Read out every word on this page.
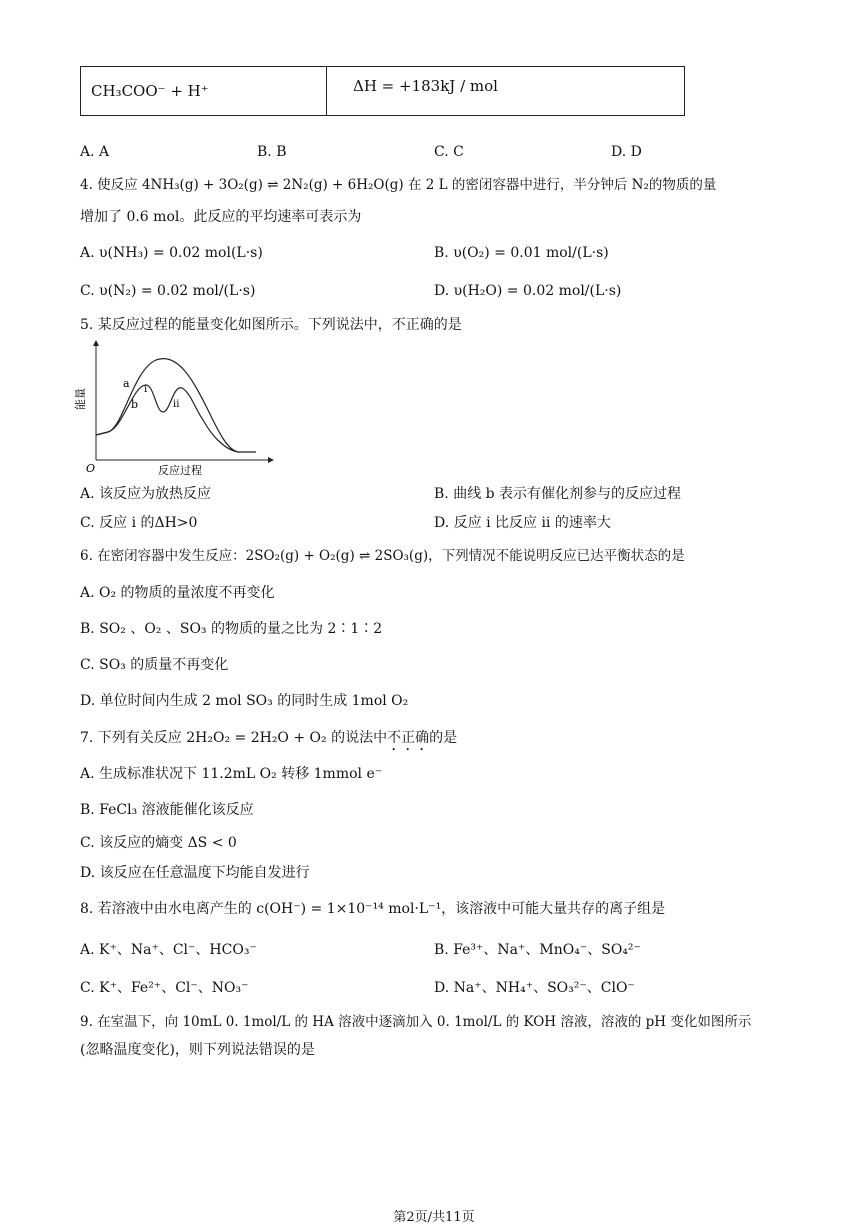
CH₃COO⁻ + H⁺	ΔH = +183kJ / mol
A. A	B. B	C. C	D. D
4. 使反应 4NH₃(g) + 3O₂(g) ⇌ 2N₂(g) + 6H₂O(g) 在 2 L 的密闭容器中进行，半分钟后 N₂的物质的量
增加了 0.6 mol。此反应的平均速率可表示为
A. υ(NH₃) = 0.02 mol(L·s)	B. υ(O₂) = 0.01 mol/(L·s)
C. υ(N₂) = 0.02 mol/(L·s)	D. υ(H₂O) = 0.02 mol/(L·s)
5. 某反应过程的能量变化如图所示。下列说法中，不正确的是
a
b
i
ii
O	反应过程
能量
A. 该反应为放热反应	B. 曲线 b 表示有催化剂参与的反应过程
C. 反应 i 的ΔH>0	D. 反应 i 比反应 ii 的速率大
6. 在密闭容器中发生反应：2SO₂(g) + O₂(g) ⇌ 2SO₃(g)，下列情况不能说明反应已达平衡状态的是
A. O₂ 的物质的量浓度不再变化
B. SO₂ 、O₂ 、SO₃ 的物质的量之比为 2∶1∶2
C. SO₃ 的质量不再变化
D. 单位时间内生成 2 mol SO₃ 的同时生成 1mol O₂
7. 下列有关反应 2H₂O₂ = 2H₂O + O₂ 的说法中不正确的是
A. 生成标准状况下 11.2mL O₂ 转移 1mmol e⁻
B. FeCl₃ 溶液能催化该反应
C. 该反应的熵变 ΔS < 0
D. 该反应在任意温度下均能自发进行
8. 若溶液中由水电离产生的 c(OH⁻) = 1×10⁻¹⁴ mol·L⁻¹，该溶液中可能大量共存的离子组是
A. K⁺、Na⁺、Cl⁻、HCO₃⁻	B. Fe³⁺、Na⁺、MnO₄⁻、SO₄²⁻
C. K⁺、Fe²⁺、Cl⁻、NO₃⁻	D. Na⁺、NH₄⁺、SO₃²⁻、ClO⁻
9. 在室温下，向 10mL 0. 1mol/L 的 HA 溶液中逐滴加入 0. 1mol/L 的 KOH 溶液，溶液的 pH 变化如图所示
(忽略温度变化)，则下列说法错误的是
第2页/共11页
